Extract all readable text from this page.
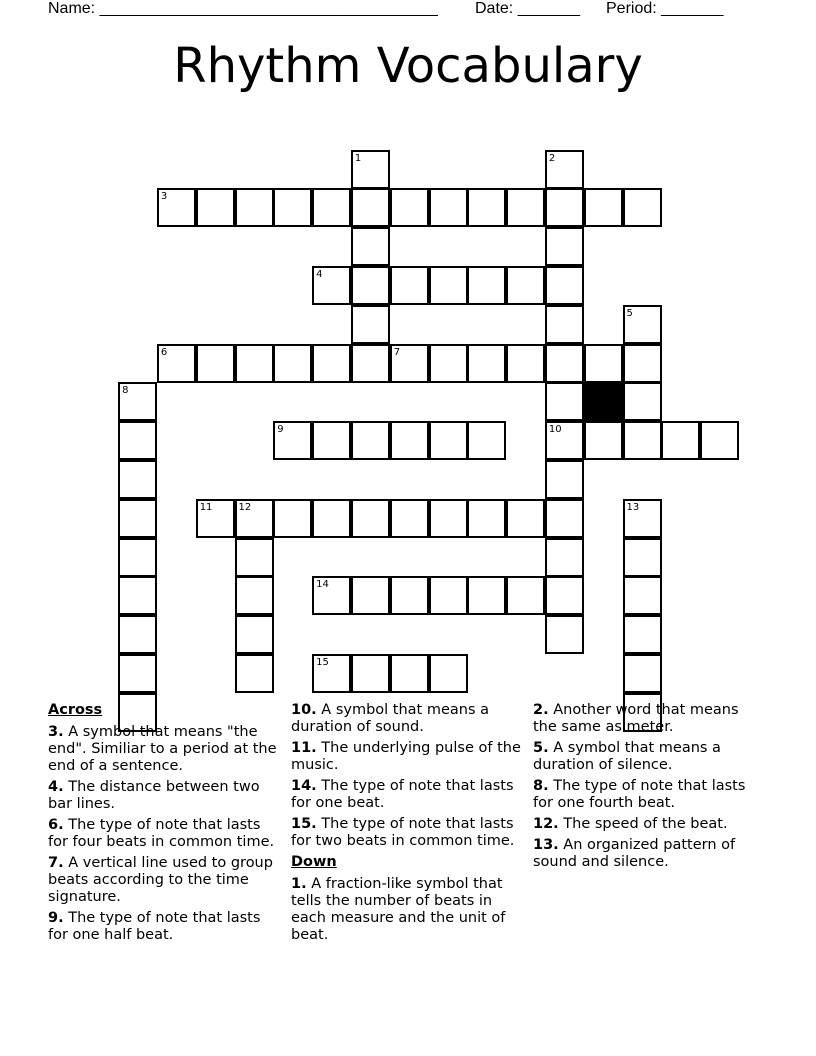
Name: ______________________________________

Date: _______

Period: _______

Rhythm Vocabulary
3
4
6	7
9	10
11	12
14
15
1	2
5
8
13
Across
3. A symbol that means "the end". Similiar to a period at the end of a sentence.
4. The distance between two bar lines.
6. The type of note that lasts for four beats in common time.
7. A vertical line used to group beats according to the time signature.
9. The type of note that lasts for one half beat.
10. A symbol that means a duration of sound.
11. The underlying pulse of the music.
14. The type of note that lasts for one beat.
15. The type of note that lasts for two beats in common time.
Down
1. A fraction-like symbol that tells the number of beats in each measure and the unit of beat.
2. Another word that means the same as meter.
5. A symbol that means a duration of silence.
8. The type of note that lasts for one fourth beat.
12. The speed of the beat.
13. An organized pattern of sound and silence.
